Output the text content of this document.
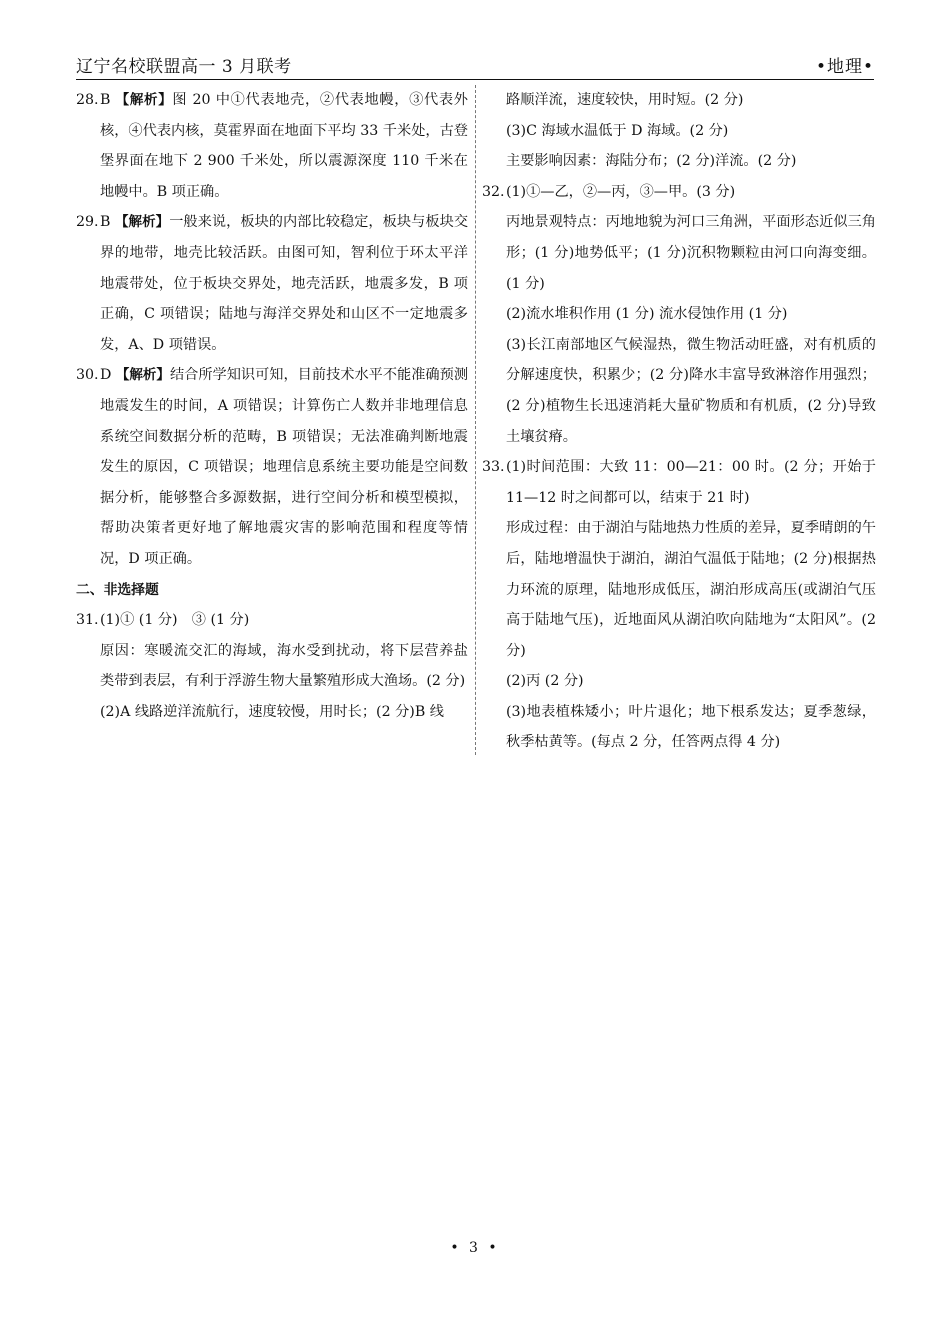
辽宁名校联盟高一 3 月联考	•地理•
28.B 【解析】图 20 中①代表地壳，②代表地幔，③代表外核，④代表内核，莫霍界面在地面下平均 33 千米处，古登堡界面在地下 2 900 千米处，所以震源深度 110 千米在地幔中。B 项正确。
29.B 【解析】一般来说，板块的内部比较稳定，板块与板块交界的地带，地壳比较活跃。由图可知，智利位于环太平洋地震带处，位于板块交界处，地壳活跃，地震多发，B 项正确，C 项错误；陆地与海洋交界处和山区不一定地震多发，A、D 项错误。
30.D 【解析】结合所学知识可知，目前技术水平不能准确预测地震发生的时间，A 项错误；计算伤亡人数并非地理信息系统空间数据分析的范畴，B 项错误；无法准确判断地震发生的原因，C 项错误；地理信息系统主要功能是空间数据分析，能够整合多源数据，进行空间分析和模型模拟，帮助决策者更好地了解地震灾害的影响范围和程度等情况，D 项正确。
二、非选择题
31.(1)① (1 分)　③ (1 分)
原因：寒暖流交汇的海域，海水受到扰动，将下层营养盐类带到表层，有利于浮游生物大量繁殖形成大渔场。(2 分)
(2)A 线路逆洋流航行，速度较慢，用时长；(2 分)B 线
路顺洋流，速度较快，用时短。(2 分)
(3)C 海域水温低于 D 海域。(2 分)
主要影响因素：海陆分布；(2 分)洋流。(2 分)
32.(1)①—乙，②—丙，③—甲。(3 分)
丙地景观特点：丙地地貌为河口三角洲，平面形态近似三角形；(1 分)地势低平；(1 分)沉积物颗粒由河口向海变细。(1 分)
(2)流水堆积作用 (1 分) 流水侵蚀作用 (1 分)
(3)长江南部地区气候湿热，微生物活动旺盛，对有机质的分解速度快，积累少；(2 分)降水丰富导致淋溶作用强烈；(2 分)植物生长迅速消耗大量矿物质和有机质，(2 分)导致土壤贫瘠。
33.(1)时间范围：大致 11：00—21：00 时。(2 分；开始于 11—12 时之间都可以，结束于 21 时)
形成过程：由于湖泊与陆地热力性质的差异，夏季晴朗的午后，陆地增温快于湖泊，湖泊气温低于陆地；(2 分)根据热力环流的原理，陆地形成低压，湖泊形成高压(或湖泊气压高于陆地气压)，近地面风从湖泊吹向陆地为“太阳风”。(2 分)
(2)丙 (2 分)
(3)地表植株矮小；叶片退化；地下根系发达；夏季葱绿，秋季枯黄等。(每点 2 分，任答两点得 4 分)
• 3 •
